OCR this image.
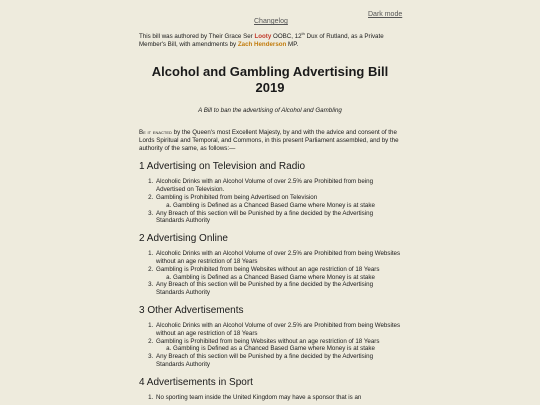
Dark mode
Changelog

This bill was authored by Their Grace Ser Looty OOBC, 12th Dux of Rutland, as a Private Member's Bill, with amendments by Zach Henderson MP.

Alcohol and Gambling Advertising Bill 2019

A Bill to ban the advertising of Alcohol and Gambling

Be it enacted by the Queen's most Excellent Majesty, by and with the advice and consent of the Lords Spiritual and Temporal, and Commons, in this present Parliament assembled, and by the authority of the same, as follows:—

1 Advertising on Television and Radio
1. Alcoholic Drinks with an Alcohol Volume of over 2.5% are Prohibited from being Advertised on Television.
2. Gambling is Prohibited from being Advertised on Television
a. Gambling is Defined as a Chanced Based Game where Money is at stake
3. Any Breach of this section will be Punished by a fine decided by the Advertising Standards Authority
2 Advertising Online
1. Alcoholic Drinks with an Alcohol Volume of over 2.5% are Prohibited from being Websites without an age restriction of 18 Years
2. Gambling is Prohibited from being Websites without an age restriction of 18 Years
a. Gambling is Defined as a Chanced Based Game where Money is at stake
3. Any Breach of this section will be Punished by a fine decided by the Advertising Standards Authority
3 Other Advertisements
1. Alcoholic Drinks with an Alcohol Volume of over 2.5% are Prohibited from being Websites without an age restriction of 18 Years
2. Gambling is Prohibited from being Websites without an age restriction of 18 Years
a. Gambling is Defined as a Chanced Based Game where Money is at stake
3. Any Breach of this section will be Punished by a fine decided by the Advertising Standards Authority
4 Advertisements in Sport
1. No sporting team inside the United Kingdom may have a sponsor that is an
